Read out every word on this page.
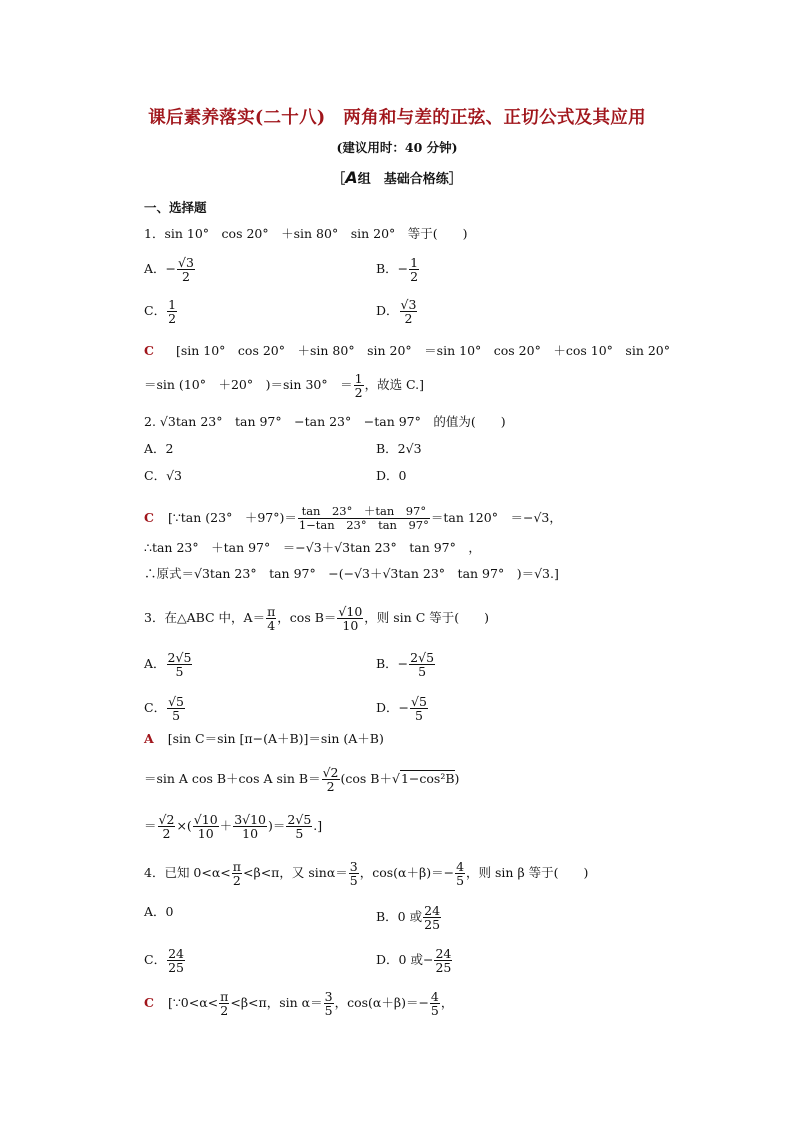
课后素养落实(二十八)　两角和与差的正弦、正切公式及其应用
(建议用时：40 分钟)
［A组　基础合格练］
一、选择题
1．sin 10°　cos 20°　＋sin 80°　sin 20°　等于(　　)
A．− $\frac{√3}{2}$	B．− $\frac{1}{2}$
C． $\frac{1}{2}$	D． $\frac{√3}{2}$
C [sin 10°　cos 20°　＋sin 80°　sin 20°　＝sin 10°　cos 20°　＋cos 10°　sin 20°
＝sin (10°　＋20°　)＝sin 30°　＝ $\frac{1}{2}$ ，故选 C.]
2. √3tan 23°　tan 97°　−tan 23°　−tan 97°　的值为(　　)
A．2	B．2√3
C．√3	D．0
C [∵tan (23°　$+97^\circ)= \frac{\tan 23^\circ +\tan 97^\circ}{1-\tan 23^\circ \tan 97^\circ} =\tan$ 120°　＝−√3，
∴tan 23°　＋tan 97°　＝−√3＋√3tan 23°　tan 97°　，
∴原式＝√3tan 23°　tan 97°　−(−√3＋√3tan 23°　tan 97°　)＝√3.]
3．在△ABC 中，$A= \frac{\pi}{4}$ ，$\cos B= \frac{√10}{10}$ ，则 sin C 等于(　　)
A． $\frac{2√5}{5}$	B．− $\frac{2√5}{5}$
C． $\frac{√5}{5}$	D．− $\frac{√5}{5}$
A [sin C＝sin [π−(A＋B)]＝sin (A＋B)
＝sin A cos B＋cos A $\sin B= \frac{√2}{2} (\cos$ B＋√1−cos²B)
＝ $\frac{√2}{2}$ ×( $\frac{√10}{10} + \frac{3√10}{10}$ )＝ $\frac{2√5}{5}$ .]
4．已知 $0<\alpha< \frac{\pi}{2} <\beta<\pi$，又 $\sin\alpha= \frac{3}{5}$ ，$\cos(\alpha+\beta)=- \frac{4}{5}$ ，则 sin β 等于(　　)
A．0	B．0 或 $\frac{24}{25}$
C． $\frac{24}{25}$	D．0 或− $\frac{24}{25}$
C [∵0<α< $\frac{\pi}{2} <\beta<\pi$，$\sin \alpha= \frac{3}{5}$ ，$\cos(\alpha+\beta)=- \frac{4}{5}$ ，
